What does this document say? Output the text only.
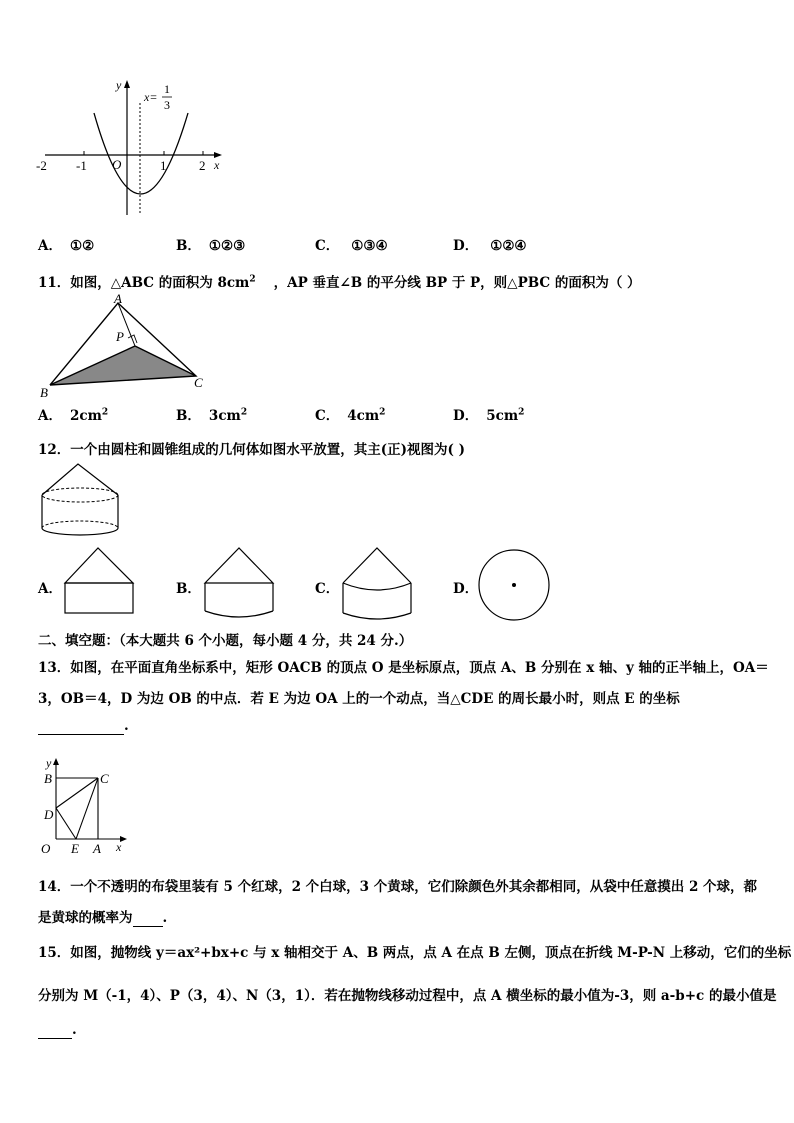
y
x
O
-2 -1	1	2
x=
1
3
A． ①②	B． ①②③	C． ①③④	D． ①②④
11．如图，△ABC 的面积为 $8cm^2$ ，AP 垂直∠B 的平分线 BP 于 P，则△PBC 的面积为（ ）
A
P
B
C
A． $2cm^2$	B． $3cm^2$	C． $4cm^2$	D． $5cm^2$
12．一个由圆柱和圆锥组成的几何体如图水平放置，其主(正)视图为( )
A．	B．	C．	D．
二、填空题：（本大题共 6 个小题，每小题 4 分，共 24 分.）
13．如图，在平面直角坐标系中，矩形 OACB 的顶点 O 是坐标原点，顶点 A、B 分别在 x 轴、y 轴的正半轴上，OA＝
3，OB＝4，D 为边 OB 的中点．若 E 为边 OA 上的一个动点，当△CDE 的周长最小时，则点 E 的坐标
.
y
x
B	C
D
O E A
14．一个不透明的布袋里装有 5 个红球，2 个白球，3 个黄球，它们除颜色外其余都相同，从袋中任意摸出 2 个球，都
是黄球的概率为 .
15．如图，抛物线 y＝ax²+bx+c 与 x 轴相交于 A、B 两点，点 A 在点 B 左侧，顶点在折线 M-P-N 上移动，它们的坐标
分别为 M（-1，4）、P（3，4）、N（3，1）．若在抛物线移动过程中，点 A 横坐标的最小值为-3，则 a-b+c 的最小值是
.
